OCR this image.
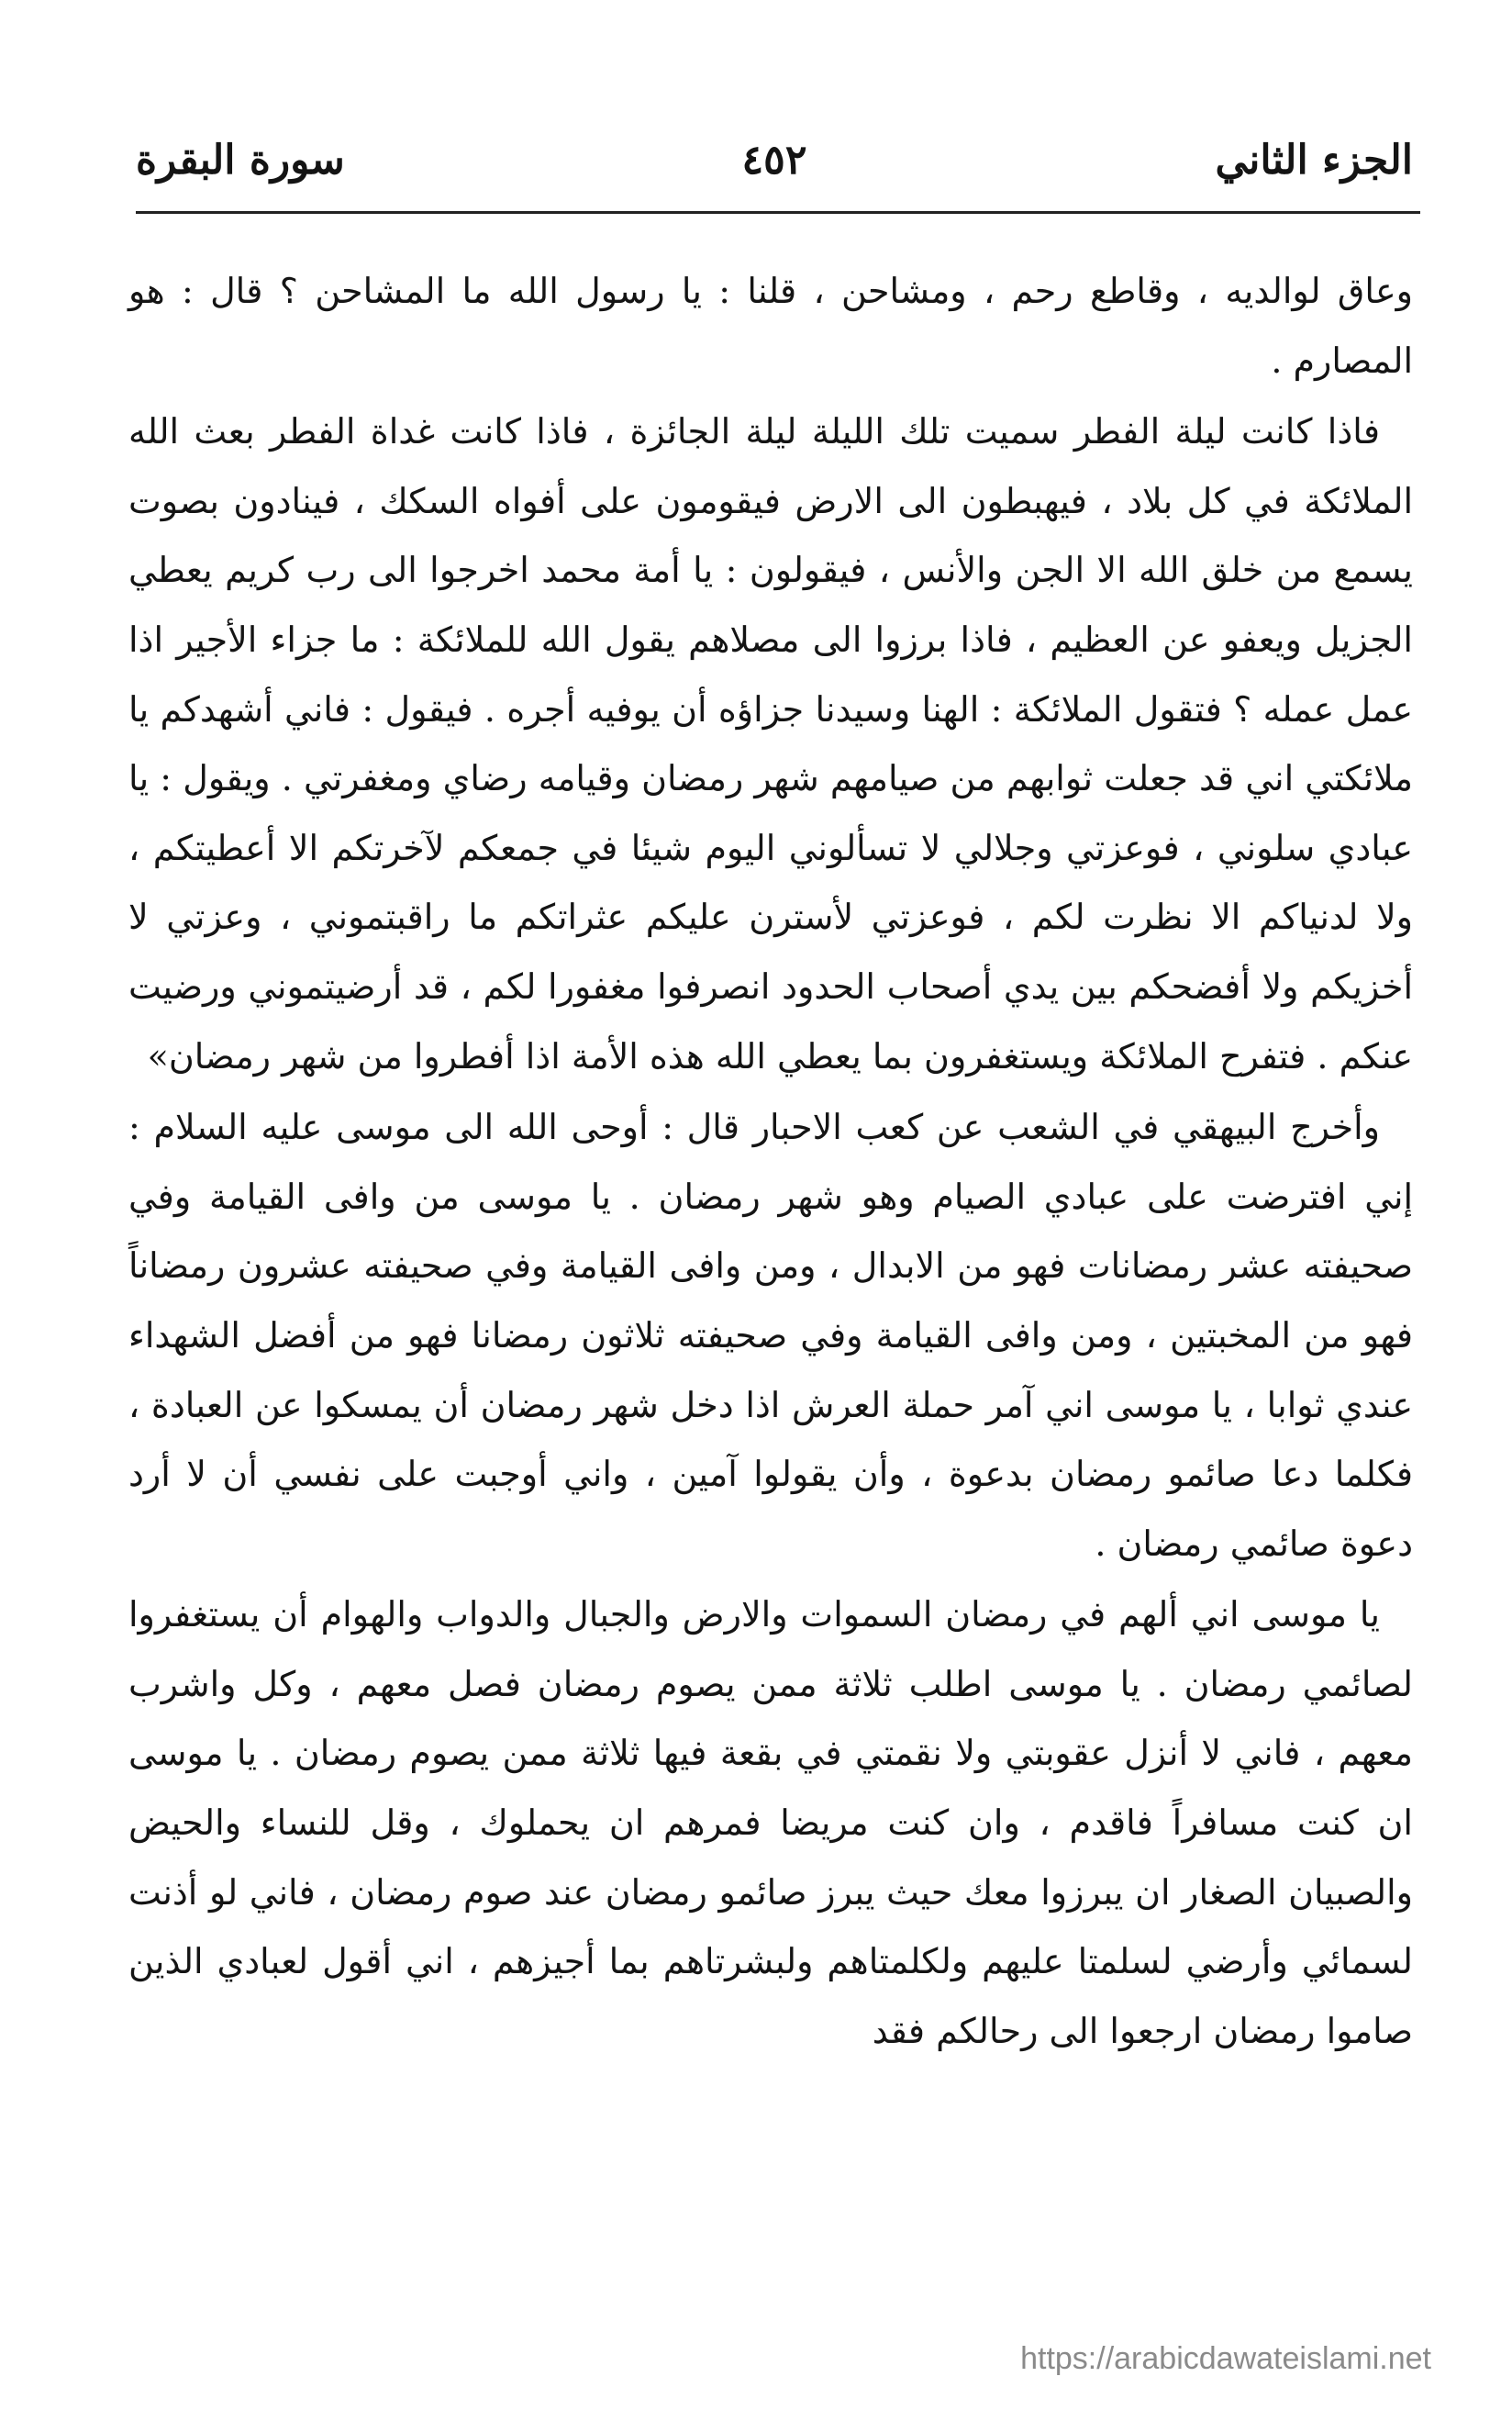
الجزء الثاني
٤٥٢
سورة البقرة

وعاق لوالديه ، وقاطع رحم ، ومشاحن ، قلنا : يا رسول الله ما المشاحن ؟ قال : هو المصارم .

فاذا كانت ليلة الفطر سميت تلك الليلة ليلة الجائزة ، فاذا كانت غداة الفطر بعث الله الملائكة في كل بلاد ، فيهبطون الى الارض فيقومون على أفواه السكك ، فينادون بصوت يسمع من خلق الله الا الجن والأنس ، فيقولون : يا أمة محمد اخرجوا الى رب كريم يعطي الجزيل ويعفو عن العظيم ، فاذا برزوا الى مصلاهم يقول الله للملائكة : ما جزاء الأجير اذا عمل عمله ؟ فتقول الملائكة : الهنا وسيدنا جزاؤه أن يوفيه أجره . فيقول : فاني أشهدكم يا ملائكتي اني قد جعلت ثوابهم من صيامهم شهر رمضان وقيامه رضاي ومغفرتي . ويقول : يا عبادي سلوني ، فوعزتي وجلالي لا تسألوني اليوم شيئا في جمعكم لآخرتكم الا أعطيتكم ، ولا لدنياكم الا نظرت لكم ، فوعزتي لأسترن عليكم عثراتكم ما راقبتموني ، وعزتي لا أخزيكم ولا أفضحكم بين يدي أصحاب الحدود انصرفوا مغفورا لكم ، قد أرضيتموني ورضيت عنكم . فتفرح الملائكة ويستغفرون بما يعطي الله هذه الأمة اذا أفطروا من شهر رمضان»

وأخرج البيهقي في الشعب عن كعب الاحبار قال : أوحى الله الى موسى عليه السلام : إني افترضت على عبادي الصيام وهو شهر رمضان . يا موسى من وافى القيامة وفي صحيفته عشر رمضانات فهو من الابدال ، ومن وافى القيامة وفي صحيفته عشرون رمضاناً فهو من المخبتين ، ومن وافى القيامة وفي صحيفته ثلاثون رمضانا فهو من أفضل الشهداء عندي ثوابا ، يا موسى اني آمر حملة العرش اذا دخل شهر رمضان أن يمسكوا عن العبادة ، فكلما دعا صائمو رمضان بدعوة ، وأن يقولوا آمين ، واني أوجبت على نفسي أن لا أرد دعوة صائمي رمضان .

يا موسى اني ألهم في رمضان السموات والارض والجبال والدواب والهوام أن يستغفروا لصائمي رمضان . يا موسى اطلب ثلاثة ممن يصوم رمضان فصل معهم ، وكل واشرب معهم ، فاني لا أنزل عقوبتي ولا نقمتي في بقعة فيها ثلاثة ممن يصوم رمضان . يا موسى ان كنت مسافراً فاقدم ، وان كنت مريضا فمرهم ان يحملوك ، وقل للنساء والحيض والصبيان الصغار ان يبرزوا معك حيث يبرز صائمو رمضان عند صوم رمضان ، فاني لو أذنت لسمائي وأرضي لسلمتا عليهم ولكلمتاهم ولبشرتاهم بما أجيزهم ، اني أقول لعبادي الذين صاموا رمضان ارجعوا الى رحالكم فقد

https://arabicdawateislami.net
